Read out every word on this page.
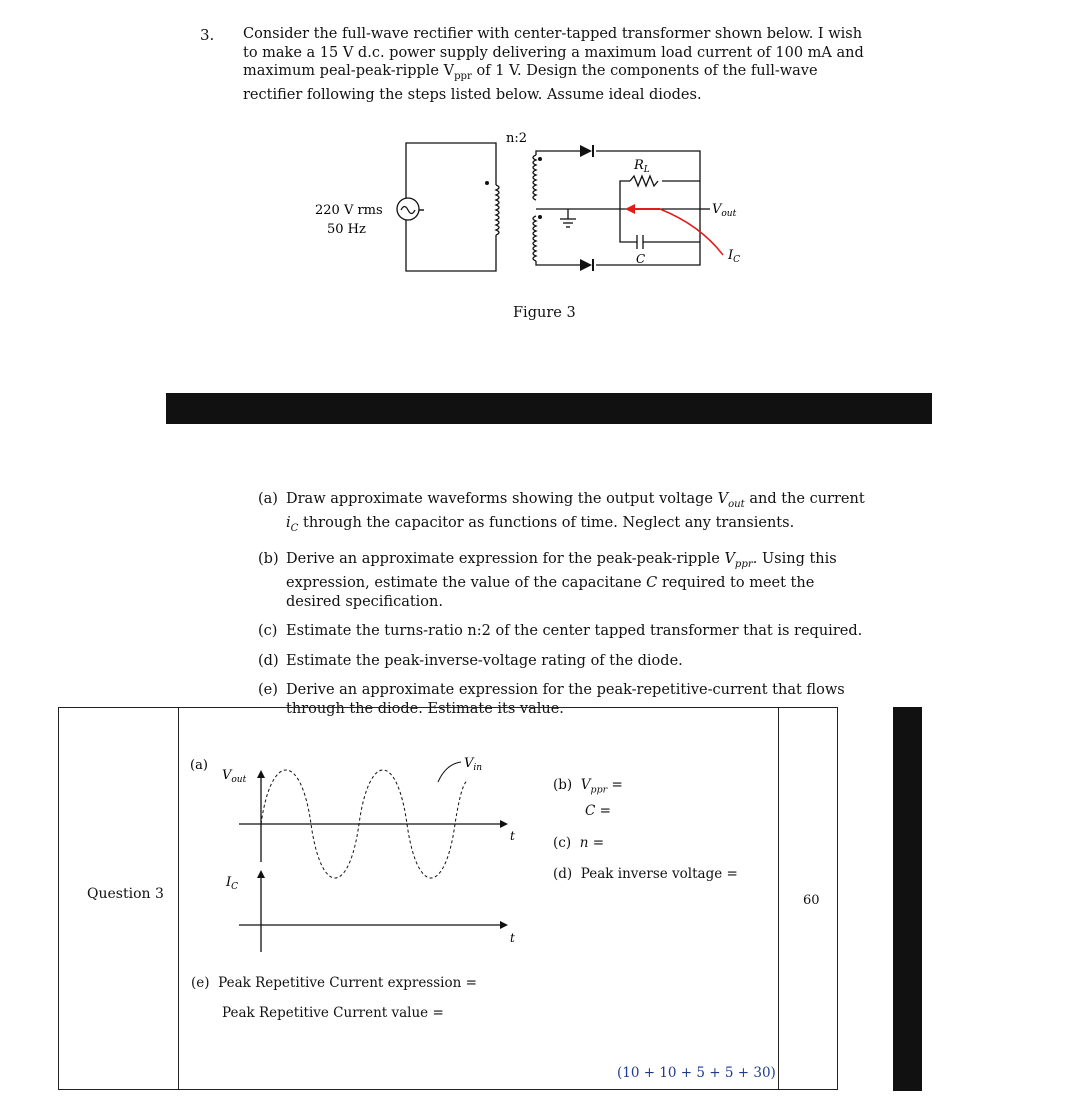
3. Consider the full-wave rectifier with center-tapped transformer shown below. I wish to make a 15 V d.c. power supply delivering a maximum load current of 100 mA and maximum peal-peak-ripple $V_{ppr}$ of 1 V. Design the components of the full-wave rectifier following the steps listed below. Assume ideal diodes.
n:2
220 V rms
50 Hz
$R_L$
C
$V_{out}$
$I_C$
Figure 3
(a) Draw approximate waveforms showing the output voltage $V_{out}$ and the current $i_C$ through the capacitor as functions of time. Neglect any transients.
(b) Derive an approximate expression for the peak-peak-ripple $V_{ppr}$. Using this expression, estimate the value of the capacitane C required to meet the desired specification.
(c) Estimate the turns-ratio n:2 of the center tapped transformer that is required.
(d) Estimate the peak-inverse-voltage rating of the diode.
(e) Derive an approximate expression for the peak-repetitive-current that flows through the diode. Estimate its value.
Question 3	60
(a)
$V_{out}$
$V_{in}$
t
$I_C$
t
(b) $V_{ppr}$ =
C =
(c) n =
(d) Peak inverse voltage =
(e) Peak Repetitive Current expression =
Peak Repetitive Current value =
(10 + 10 + 5 + 5 + 30)
